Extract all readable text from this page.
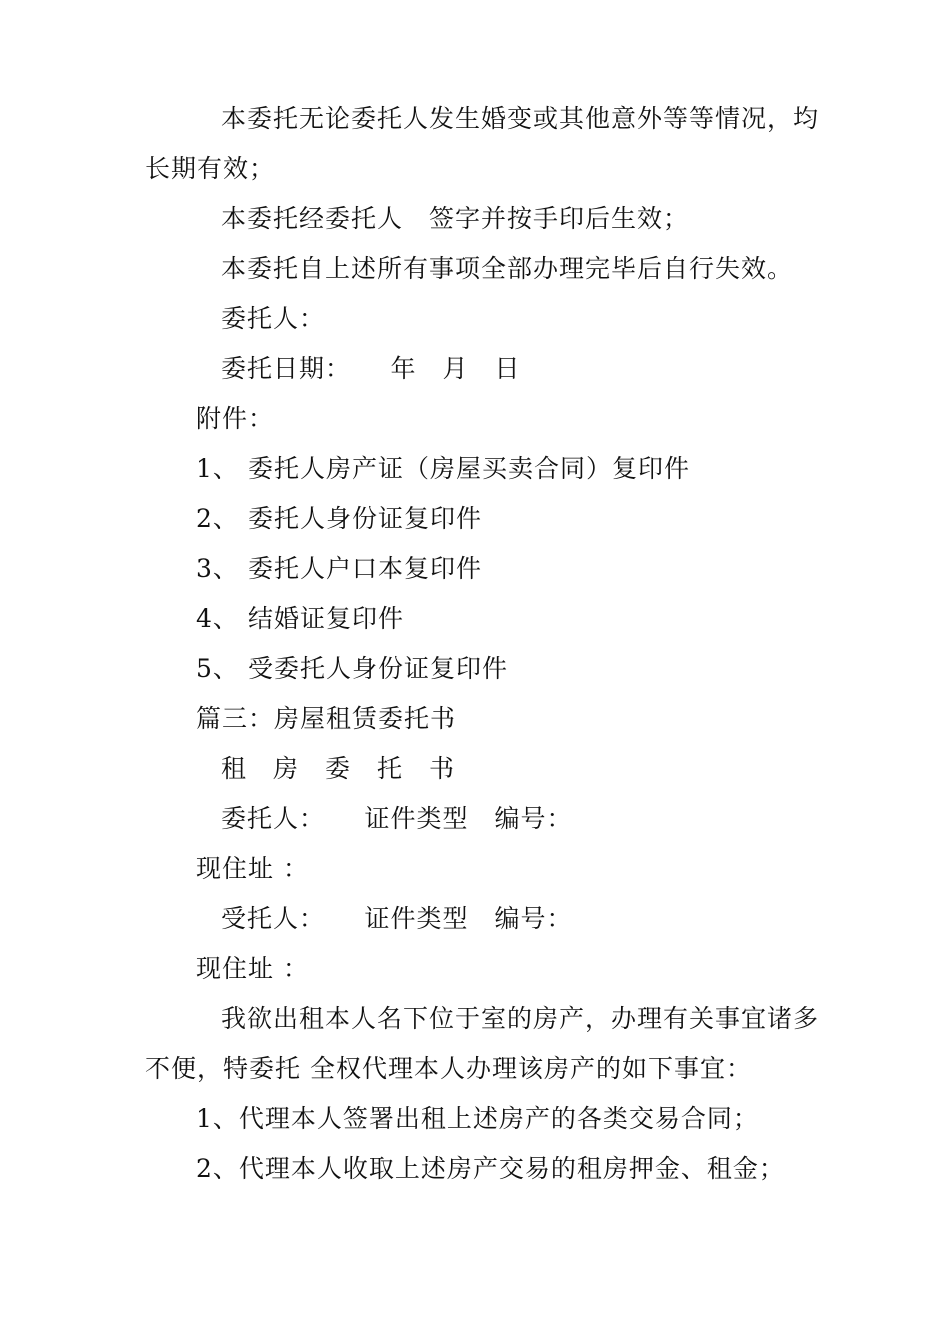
本委托无论委托人发生婚变或其他意外等等情况，均
长期有效；
本委托经委托人　签字并按手印后生效；
本委托自上述所有事项全部办理完毕后自行失效。
委托人：
委托日期：　　年　月　日
附件：
1、 委托人房产证（房屋买卖合同）复印件
2、 委托人身份证复印件
3、 委托人户口本复印件
4、 结婚证复印件
5、 受委托人身份证复印件
篇三：房屋租赁委托书
租　房　委　托　书
委托人：　　证件类型　编号：
现住址 ：
受托人：　　证件类型　编号：
现住址 ：
我欲出租本人名下位于室的房产，办理有关事宜诸多
不便，特委托 全权代理本人办理该房产的如下事宜：
1、代理本人签署出租上述房产的各类交易合同；
2、代理本人收取上述房产交易的租房押金、租金；
